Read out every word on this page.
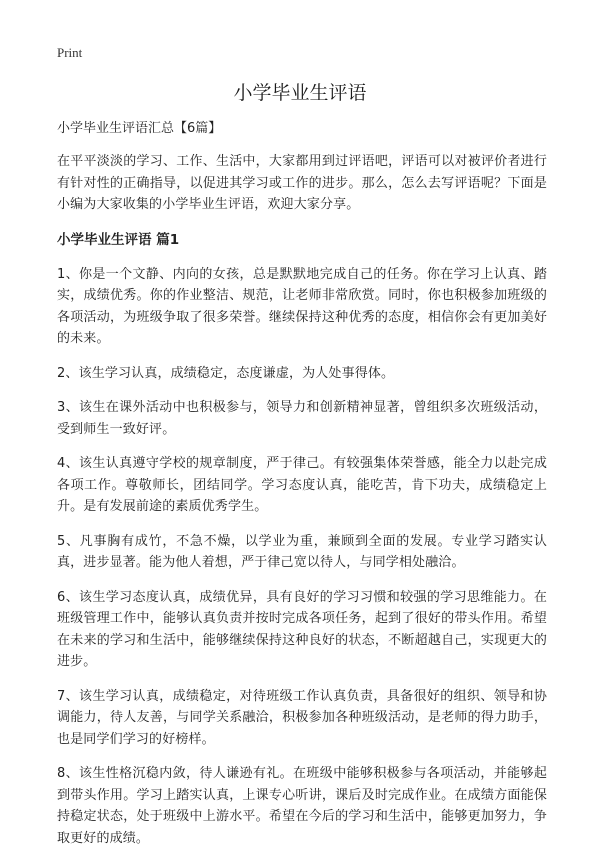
Print
小学毕业生评语

小学毕业生评语汇总【6篇】

在平平淡淡的学习、工作、生活中，大家都用到过评语吧，评语可以对被评价者进行有针对性的正确指导，以促进其学习或工作的进步。那么，怎么去写评语呢？下面是小编为大家收集的小学毕业生评语，欢迎大家分享。

小学毕业生评语 篇1

1、你是一个文静、内向的女孩，总是默默地完成自己的任务。你在学习上认真、踏实，成绩优秀。你的作业整洁、规范，让老师非常欣赏。同时，你也积极参加班级的各项活动，为班级争取了很多荣誉。继续保持这种优秀的态度，相信你会有更加美好的未来。

2、该生学习认真，成绩稳定，态度谦虚，为人处事得体。

3、该生在课外活动中也积极参与，领导力和创新精神显著，曾组织多次班级活动，受到师生一致好评。

4、该生认真遵守学校的规章制度，严于律己。有较强集体荣誉感，能全力以赴完成各项工作。尊敬师长，团结同学。学习态度认真，能吃苦，肯下功夫，成绩稳定上升。是有发展前途的素质优秀学生。

5、凡事胸有成竹，不急不燥，以学业为重，兼顾到全面的发展。专业学习踏实认真，进步显著。能为他人着想，严于律己宽以待人，与同学相处融洽。

6、该生学习态度认真，成绩优异，具有良好的学习习惯和较强的学习思维能力。在班级管理工作中，能够认真负责并按时完成各项任务，起到了很好的带头作用。希望在未来的学习和生活中，能够继续保持这种良好的状态，不断超越自己，实现更大的进步。

7、该生学习认真，成绩稳定，对待班级工作认真负责，具备很好的组织、领导和协调能力，待人友善，与同学关系融洽，积极参加各种班级活动，是老师的得力助手，也是同学们学习的好榜样。

8、该生性格沉稳内敛，待人谦逊有礼。在班级中能够积极参与各项活动，并能够起到带头作用。学习上踏实认真，上课专心听讲，课后及时完成作业。在成绩方面能保持稳定状态，处于班级中上游水平。希望在今后的学习和生活中，能够更加努力，争取更好的成绩。
